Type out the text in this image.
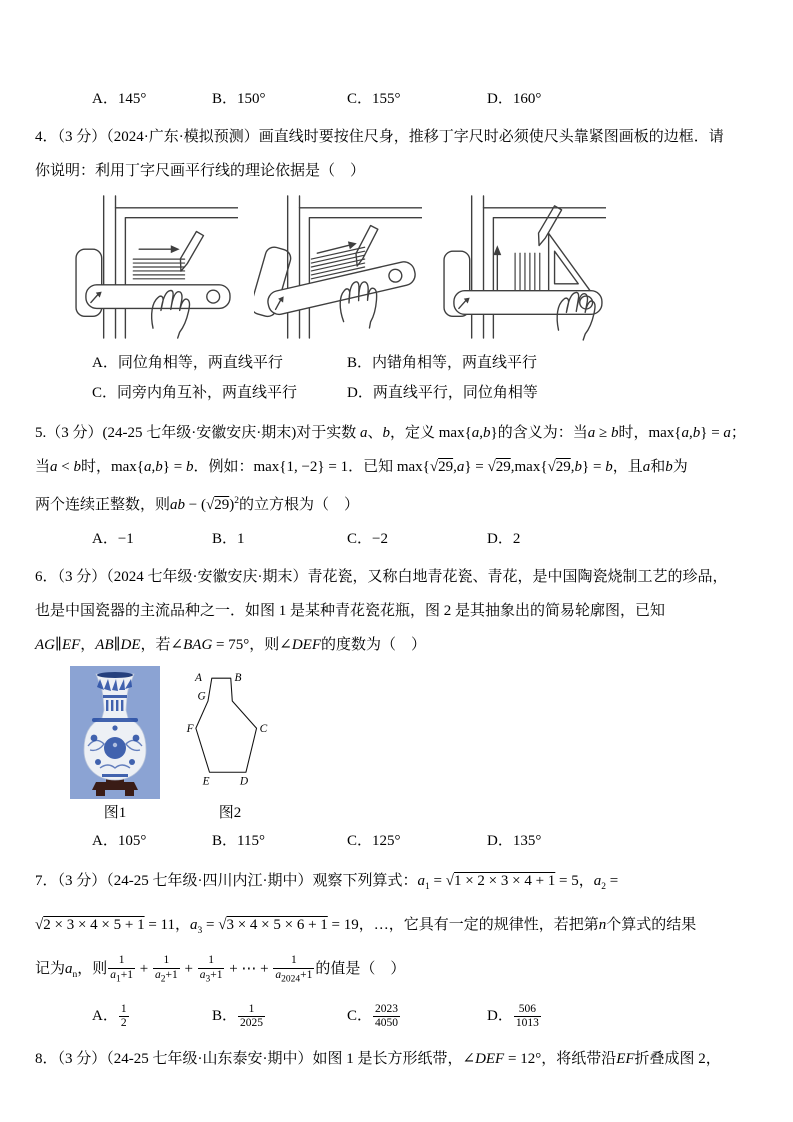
A．145°	B．150°	C．155°	D．160°

4．（3 分）（2024·广东·模拟预测）画直线时要按住尺身，推移丁字尺时必须使尺头靠紧图画板的边框．请

你说明：利用丁字尺画平行线的理论依据是（　）

A．同位角相等，两直线平行	B．内错角相等，两直线平行
C．同旁内角互补，两直线平行	D．两直线平行，同位角相等

5.（3 分）(24-25 七年级·安徽安庆·期末)对于实数 a、b，定义 max{a,b}的含义为：当a ≥ b时，max{a,b} = a；

当a < b时，max{a,b} = b．例如：max{1, −2} = 1．已知 max{√29,a} = √29,max{√29,b} = b，且a和b为

两个连续正整数，则ab − $(√29)^2$的立方根为（　）

A．−1	B．1	C．−2	D．2

6．（3 分）（2024 七年级·安徽安庆·期末）青花瓷，又称白地青花瓷、青花，是中国陶瓷烧制工艺的珍品，

也是中国瓷器的主流品种之一．如图 1 是某种青花瓷花瓶，图 2 是其抽象出的简易轮廓图，已知

AG∥EF，AB∥DE，若∠BAG = 75°，则∠DEF的度数为（　）

A B
G
F	C
E D
图1	图2
A．105°	B．115°	C．125°	D．135°

7．（3 分）（24-25 七年级·四川内江·期中）观察下列算式：$a_1 = √1 \times 2 \times 3 \times 4 + 1 = 5$，$a_2$ =

√2 × 3 × 4 × 5 + 1 = 11，$a_3 = √3 \times 4 \times 5 \times 6 + 1 = 19$，…，它具有一定的规律性，若把第n个算式的结果

记为$a_n$，则 $\frac{1}{a_1+1} + \frac{1}{a_2+1} + \frac{1}{a_3+1}$ + ⋯ + $\frac{1}{a_{2024}+1}$ 的值是（　）

A． $\frac{1}{2}$	B． $\frac{1}{2025}$	C． $\frac{2023}{4050}$	D． $\frac{506}{1013}$

8．（3 分）（24-25 七年级·山东泰安·期中）如图 1 是长方形纸带，∠DEF = 12°，将纸带沿EF折叠成图 2，
